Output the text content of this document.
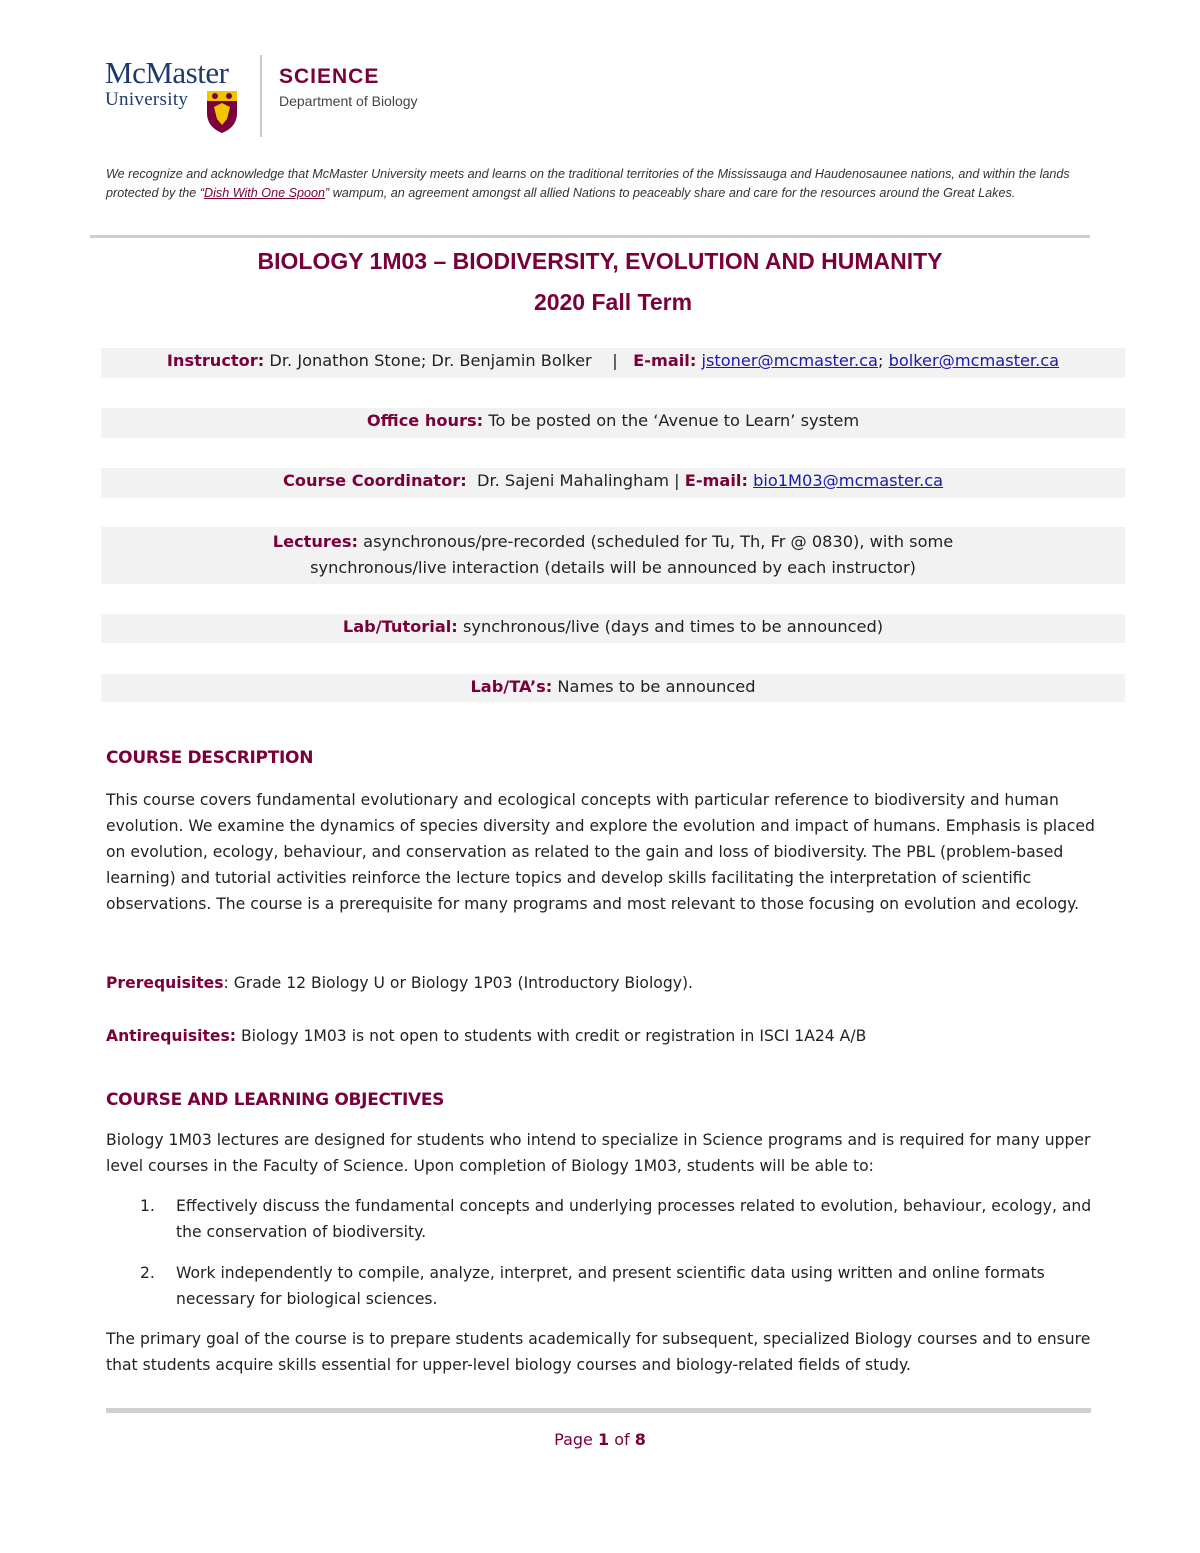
McMaster
University
SCIENCE
Department of Biology

We recognize and acknowledge that McMaster University meets and learns on the traditional territories of the Mississauga and Haudenosaunee nations, and within the lands protected by the “Dish With One Spoon” wampum, an agreement amongst all allied Nations to peaceably share and care for the resources around the Great Lakes.

BIOLOGY 1M03 – BIODIVERSITY, EVOLUTION AND HUMANITY
2020 Fall Term
Instructor: Dr. Jonathon Stone; Dr. Benjamin Bolker    |   E-mail: jstoner@mcmaster.ca; bolker@mcmaster.ca
Office hours: To be posted on the ‘Avenue to Learn’ system
Course Coordinator:  Dr. Sajeni Mahalingham | E-mail: bio1M03@mcmaster.ca
Lectures: asynchronous/pre-recorded (scheduled for Tu, Th, Fr @ 0830), with some synchronous/live interaction (details will be announced by each instructor)
Lab/Tutorial: synchronous/live (days and times to be announced)
Lab/TA’s: Names to be announced
COURSE DESCRIPTION

This course covers fundamental evolutionary and ecological concepts with particular reference to biodiversity and human evolution. We examine the dynamics of species diversity and explore the evolution and impact of humans. Emphasis is placed on evolution, ecology, behaviour, and conservation as related to the gain and loss of biodiversity. The PBL (problem-based learning) and tutorial activities reinforce the lecture topics and develop skills facilitating the interpretation of scientific observations. The course is a prerequisite for many programs and most relevant to those focusing on evolution and ecology.

Prerequisites: Grade 12 Biology U or Biology 1P03 (Introductory Biology).

Antirequisites: Biology 1M03 is not open to students with credit or registration in ISCI 1A24 A/B

COURSE AND LEARNING OBJECTIVES

Biology 1M03 lectures are designed for students who intend to specialize in Science programs and is required for many upper level courses in the Faculty of Science. Upon completion of Biology 1M03, students will be able to:

1. Effectively discuss the fundamental concepts and underlying processes related to evolution, behaviour, ecology, and the conservation of biodiversity.
2. Work independently to compile, analyze, interpret, and present scientific data using written and online formats necessary for biological sciences.

The primary goal of the course is to prepare students academically for subsequent, specialized Biology courses and to ensure that students acquire skills essential for upper-level biology courses and biology-related fields of study.

Page 1 of 8
